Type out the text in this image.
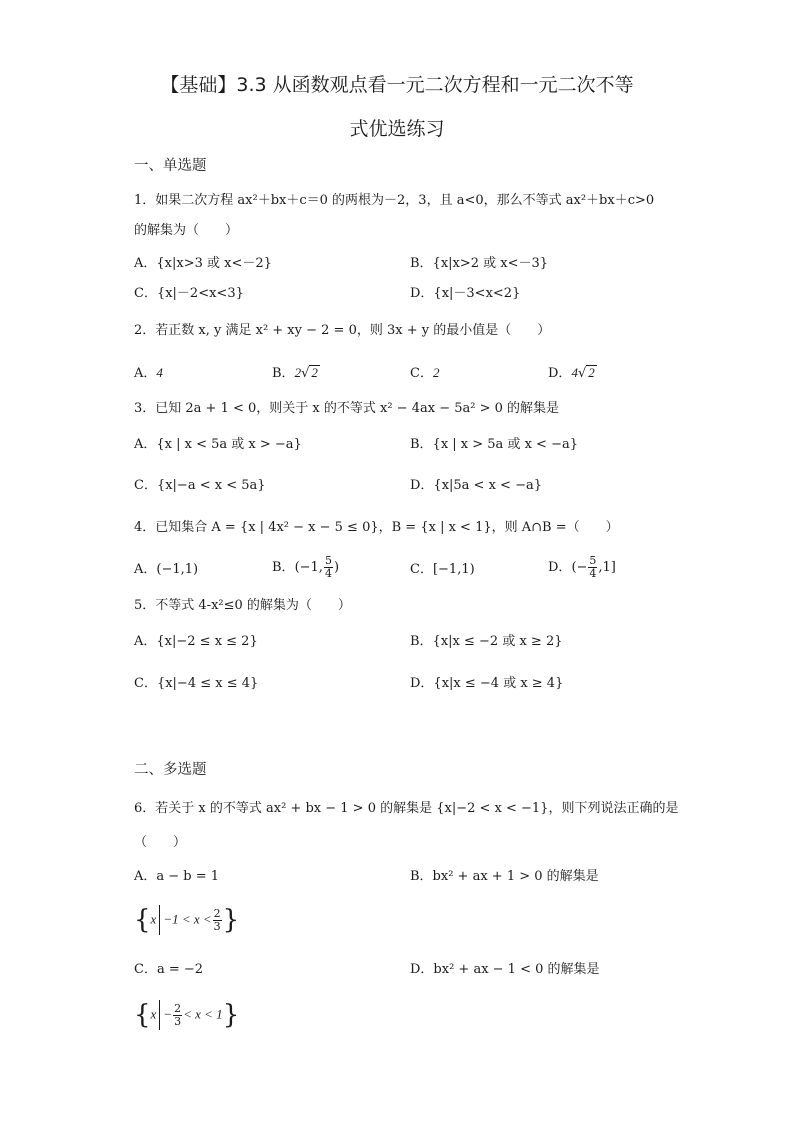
【基础】3.3 从函数观点看一元二次方程和一元二次不等
式优选练习
一、单选题
1．如果二次方程 ax²＋bx＋c＝0 的两根为－2，3，且 a<0，那么不等式 ax²＋bx＋c>0
的解集为（　　）
A．{x|x>3 或 x<－2}	B．{x|x>2 或 x<－3}
C．{x|－2<x<3}	D．{x|－3<x<2}
2．若正数 x, y 满足 x² + xy − 2 = 0，则 3x + y 的最小值是（　　）
A．4	B．2√ 2	C．2	D．4√ 2
3．已知 2a + 1 < 0，则关于 x 的不等式 x² − 4ax − 5a² > 0 的解集是
A．{x | x < 5a 或 x > −a}	B．{x | x > 5a 或 x < −a}
C．{x|−a < x < 5a}	D．{x|5a < x < −a}
4．已知集合 A = {x | 4x² − x − 5 ≤ 0}，B = {x | x < 1}，则 A∩B =（　　）
A．(−1,1)	B．(−1, $\frac{5}{4}$ )	C．[−1,1)	D．(− $\frac{5}{4} ,1$]
5．不等式 4-x²≤0 的解集为（　　）
A．{x|−2 ≤ x ≤ 2}	B．{x|x ≤ −2 或 x ≥ 2}
C．{x|−4 ≤ x ≤ 4}	D．{x|x ≤ −4 或 x ≥ 4}
二、多选题
6．若关于 x 的不等式 ax² + bx − 1 > 0 的解集是 {x|−2 < x < −1}，则下列说法正确的是
（　　）
A．a − b = 1	B．bx² + ax + 1 > 0 的解集是
{$x -1 < x < \frac{2}{3}$ }
C．a = −2	D．bx² + ax − 1 < 0 的解集是
$\{x - \frac{2}{3} < x < 1\}$
